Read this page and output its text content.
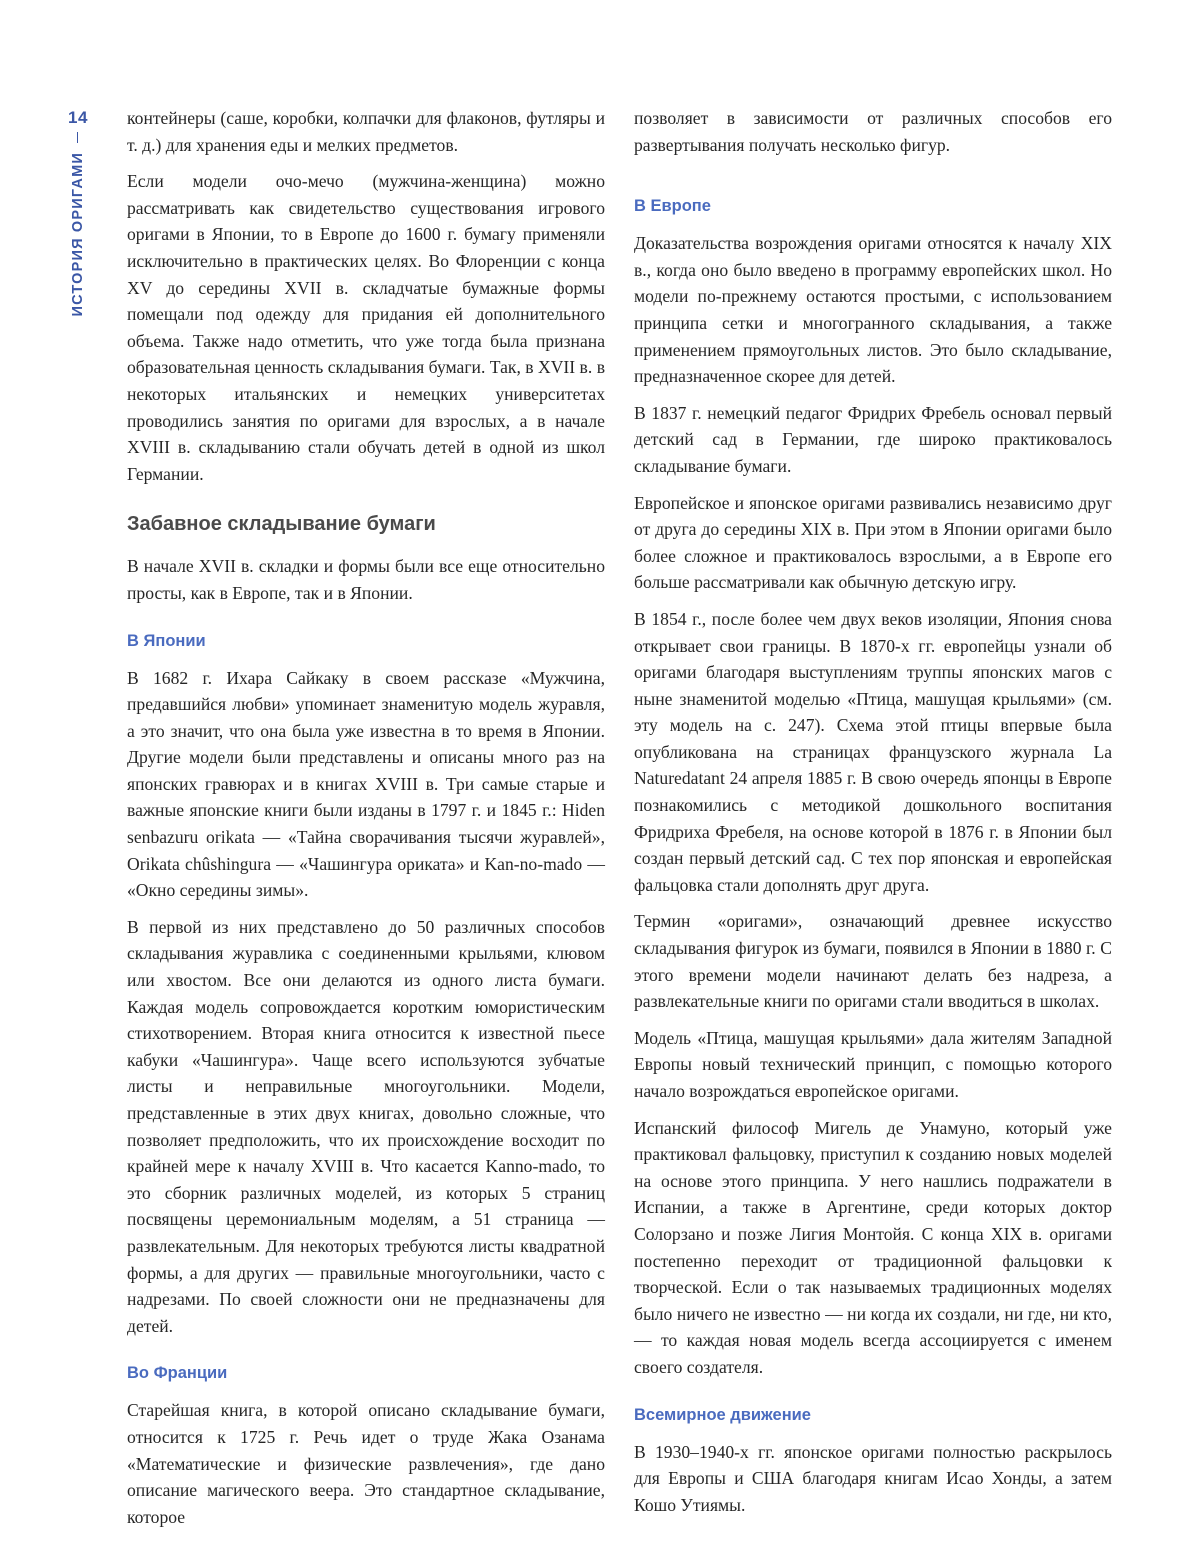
14
ИСТОРИЯ ОРИГАМИ

контейнеры (саше, коробки, колпачки для флаконов, футляры и т. д.) для хранения еды и мелких предметов.

Если модели очо-мечо (мужчина-женщина) можно рассматривать как свидетельство существования игрового оригами в Японии, то в Европе до 1600 г. бумагу применяли исключительно в практических целях. Во Флоренции с конца XV до середины XVII в. складчатые бумажные формы помещали под одежду для придания ей дополнительного объема. Также надо отметить, что уже тогда была признана образовательная ценность складывания бумаги. Так, в XVII в. в некоторых итальянских и немецких университетах проводились занятия по оригами для взрослых, а в начале XVIII в. складыванию стали обучать детей в одной из школ Германии.

Забавное складывание бумаги

В начале XVII в. складки и формы были все еще относительно просты, как в Европе, так и в Японии.

В Японии

В 1682 г. Ихара Сайкаку в своем рассказе «Мужчина, предавшийся любви» упоминает знаменитую модель журавля, а это значит, что она была уже известна в то время в Японии. Другие модели были представлены и описаны много раз на японских гравюрах и в книгах XVIII в. Три самые старые и важные японские книги были изданы в 1797 г. и 1845 г.: Hiden senbazuru orikata — «Тайна сворачивания тысячи журавлей», Orikata chûshingura — «Чашингура ориката» и Kan-no-mado — «Окно середины зимы».

В первой из них представлено до 50 различных способов складывания журавлика с соединенными крыльями, клювом или хвостом. Все они делаются из одного листа бумаги. Каждая модель сопровождается коротким юмористическим стихотворением. Вторая книга относится к известной пьесе кабуки «Чашингура». Чаще всего используются зубчатые листы и неправильные многоугольники. Модели, представленные в этих двух книгах, довольно сложные, что позволяет предположить, что их происхождение восходит по крайней мере к началу XVIII в. Что касается Kanno-mado, то это сборник различных моделей, из которых 5 страниц посвящены церемониальным моделям, а 51 страница — развлекательным. Для некоторых требуются листы квадратной формы, а для других — правильные многоугольники, часто с надрезами. По своей сложности они не предназначены для детей.

Во Франции

Старейшая книга, в которой описано складывание бумаги, относится к 1725 г. Речь идет о труде Жака Озанама «Математические и физические развлечения», где дано описание магического веера. Это стандартное складывание, которое

позволяет в зависимости от различных способов его развертывания получать несколько фигур.

В Европе

Доказательства возрождения оригами относятся к началу XIX в., когда оно было введено в программу европейских школ. Но модели по-прежнему остаются простыми, с использованием принципа сетки и многогранного складывания, а также применением прямоугольных листов. Это было складывание, предназначенное скорее для детей.

В 1837 г. немецкий педагог Фридрих Фребель основал первый детский сад в Германии, где широко практиковалось складывание бумаги.

Европейское и японское оригами развивались независимо друг от друга до середины XIX в. При этом в Японии оригами было более сложное и практиковалось взрослыми, а в Европе его больше рассматривали как обычную детскую игру.

В 1854 г., после более чем двух веков изоляции, Япония снова открывает свои границы. В 1870-х гг. европейцы узнали об оригами благодаря выступлениям труппы японских магов с ныне знаменитой моделью «Птица, машущая крыльями» (см. эту модель на с. 247). Схема этой птицы впервые была опубликована на страницах французского журнала La Naturedatant 24 апреля 1885 г. В свою очередь японцы в Европе познакомились с методикой дошкольного воспитания Фридриха Фребеля, на основе которой в 1876 г. в Японии был создан первый детский сад. С тех пор японская и европейская фальцовка стали дополнять друг друга.

Термин «оригами», означающий древнее искусство складывания фигурок из бумаги, появился в Японии в 1880 г. С этого времени модели начинают делать без надреза, а развлекательные книги по оригами стали вводиться в школах.

Модель «Птица, машущая крыльями» дала жителям Западной Европы новый технический принцип, с помощью которого начало возрождаться европейское оригами.

Испанский философ Мигель де Унамуно, который уже практиковал фальцовку, приступил к созданию новых моделей на основе этого принципа. У него нашлись подражатели в Испании, а также в Аргентине, среди которых доктор Солорзано и позже Лигия Монтойя. С конца XIX в. оригами постепенно переходит от традиционной фальцовки к творческой. Если о так называемых традиционных моделях было ничего не известно — ни когда их создали, ни где, ни кто, — то каждая новая модель всегда ассоциируется с именем своего создателя.

Всемирное движение

В 1930–1940-х гг. японское оригами полностью раскрылось для Европы и США благодаря книгам Исао Хонды, а затем Кошо Утиямы.
